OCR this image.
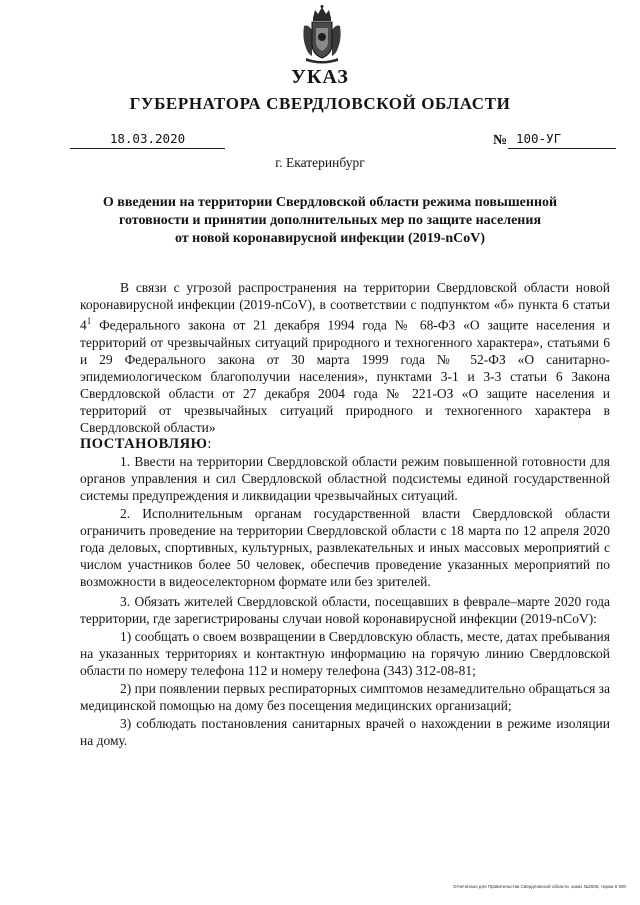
УКАЗ
ГУБЕРНАТОРА СВЕРДЛОВСКОЙ ОБЛАСТИ
18.03.2020	№ 100-УГ
г. Екатеринбург
О введении на территории Свердловской области режима повышенной
готовности и принятии дополнительных мер по защите населения
от новой коронавирусной инфекции (2019-nCoV)

В связи с угрозой распространения на территории Свердловской области новой коронавирусной инфекции (2019-nCoV), в соответствии с подпунктом «б» пункта 6 статьи $4^1$ Федерального закона от 21 декабря 1994 года № 68-ФЗ «О защите населения и территорий от чрезвычайных ситуаций природного и техногенного характера», статьями 6 и 29 Федерального закона от 30 марта 1999 года № 52-ФЗ «О санитарно-эпидемиологическом благополучии населения», пунктами 3-1 и 3-3 статьи 6 Закона Свердловской области от 27 декабря 2004 года № 221-ОЗ «О защите населения и территорий от чрезвычайных ситуаций природного и техногенного характера в Свердловской области»

ПОСТАНОВЛЯЮ:

1. Ввести на территории Свердловской области режим повышенной готовности для органов управления и сил Свердловской областной подсистемы единой государственной системы предупреждения и ликвидации чрезвычайных ситуаций.

2. Исполнительным органам государственной власти Свердловской области ограничить проведение на территории Свердловской области с 18 марта по 12 апреля 2020 года деловых, спортивных, культурных, развлекательных и иных массовых мероприятий с числом участников более 50 человек, обеспечив проведение указанных мероприятий по возможности в видеоселекторном формате или без зрителей.

3. Обязать жителей Свердловской области, посещавших в феврале–марте 2020 года территории, где зарегистрированы случаи новой коронавирусной инфекции (2019-nCoV):

1) сообщать о своем возвращении в Свердловскую область, месте, датах пребывания на указанных территориях и контактную информацию на горячую линию Свердловской области по номеру телефона 112 и номеру телефона (343) 312-08-81;

2) при появлении первых респираторных симптомов незамедлительно обращаться за медицинской помощью на дому без посещения медицинских организаций;

3) соблюдать постановления санитарных врачей о нахождении в режиме изоляции на дому.

Отпечатано для Правительства Свердловской области, заказ №2005, тираж 6 000
